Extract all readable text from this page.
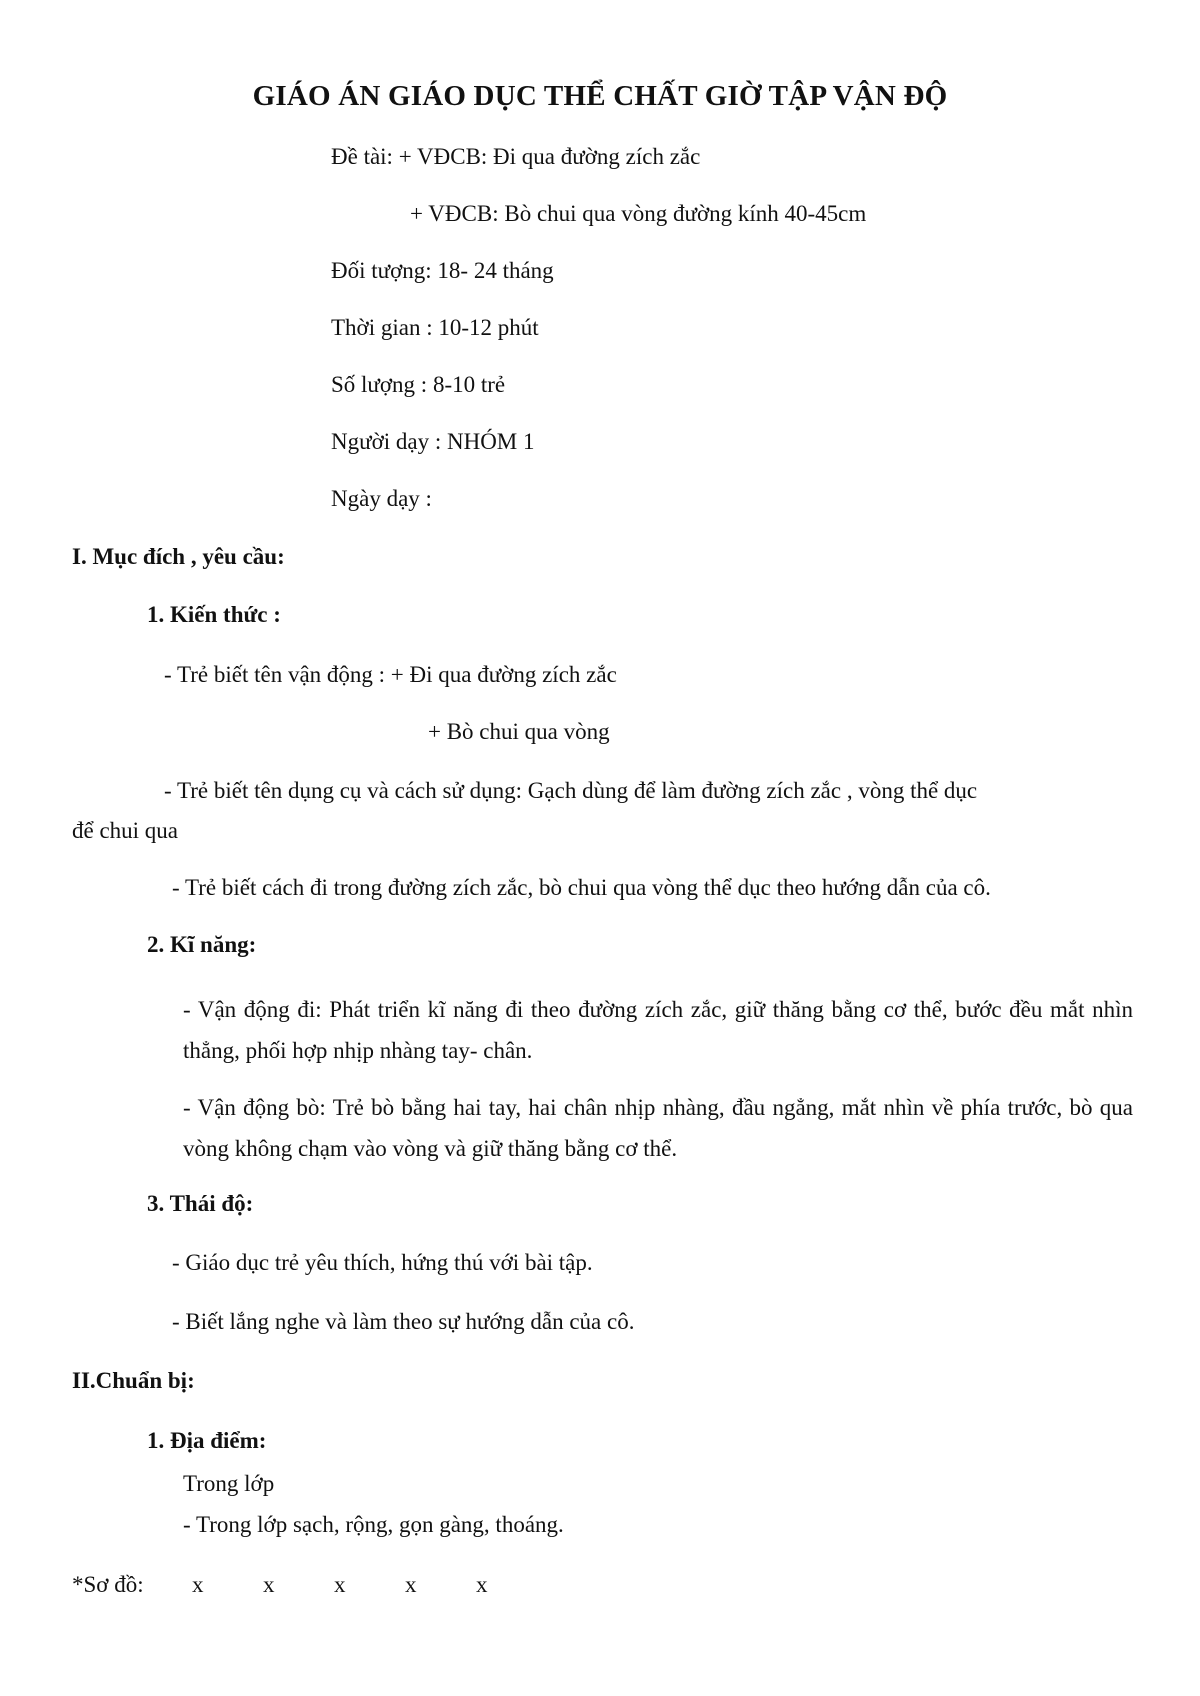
GIÁO ÁN GIÁO DỤC THỂ CHẤT GIỜ TẬP VẬN ĐỘ
Đề tài: + VĐCB: Đi qua đường zích zắc
+ VĐCB: Bò chui qua vòng đường kính 40-45cm
Đối tượng: 18- 24 tháng
Thời gian : 10-12 phút
Số lượng : 8-10 trẻ
Người dạy : NHÓM 1
Ngày dạy :
I. Mục đích , yêu cầu:
1. Kiến thức :
- Trẻ biết tên vận động : + Đi qua đường zích zắc
+ Bò chui qua vòng
- Trẻ biết tên dụng cụ và cách sử dụng: Gạch dùng để làm đường zích zắc , vòng thể dục
để chui qua
- Trẻ biết cách đi trong đường zích zắc, bò chui qua vòng thể dục theo hướng dẫn của cô.
2. Kĩ năng:
- Vận động đi: Phát triển kĩ năng đi theo đường zích zắc, giữ thăng bằng cơ thể, bước đều mắt nhìn thẳng, phối hợp nhịp nhàng tay- chân.
- Vận động bò: Trẻ bò bằng hai tay, hai chân nhịp nhàng, đầu ngẳng, mắt nhìn về phía trước, bò qua vòng không chạm vào vòng và giữ thăng bằng cơ thể.
3. Thái độ:
- Giáo dục trẻ yêu thích, hứng thú với bài tập.
- Biết lắng nghe và làm theo sự hướng dẫn của cô.
II.Chuẩn bị:
1. Địa điểm:
Trong lớp
- Trong lớp sạch, rộng, gọn gàng, thoáng.
*Sơ đồ:	x	x	x	x	x
